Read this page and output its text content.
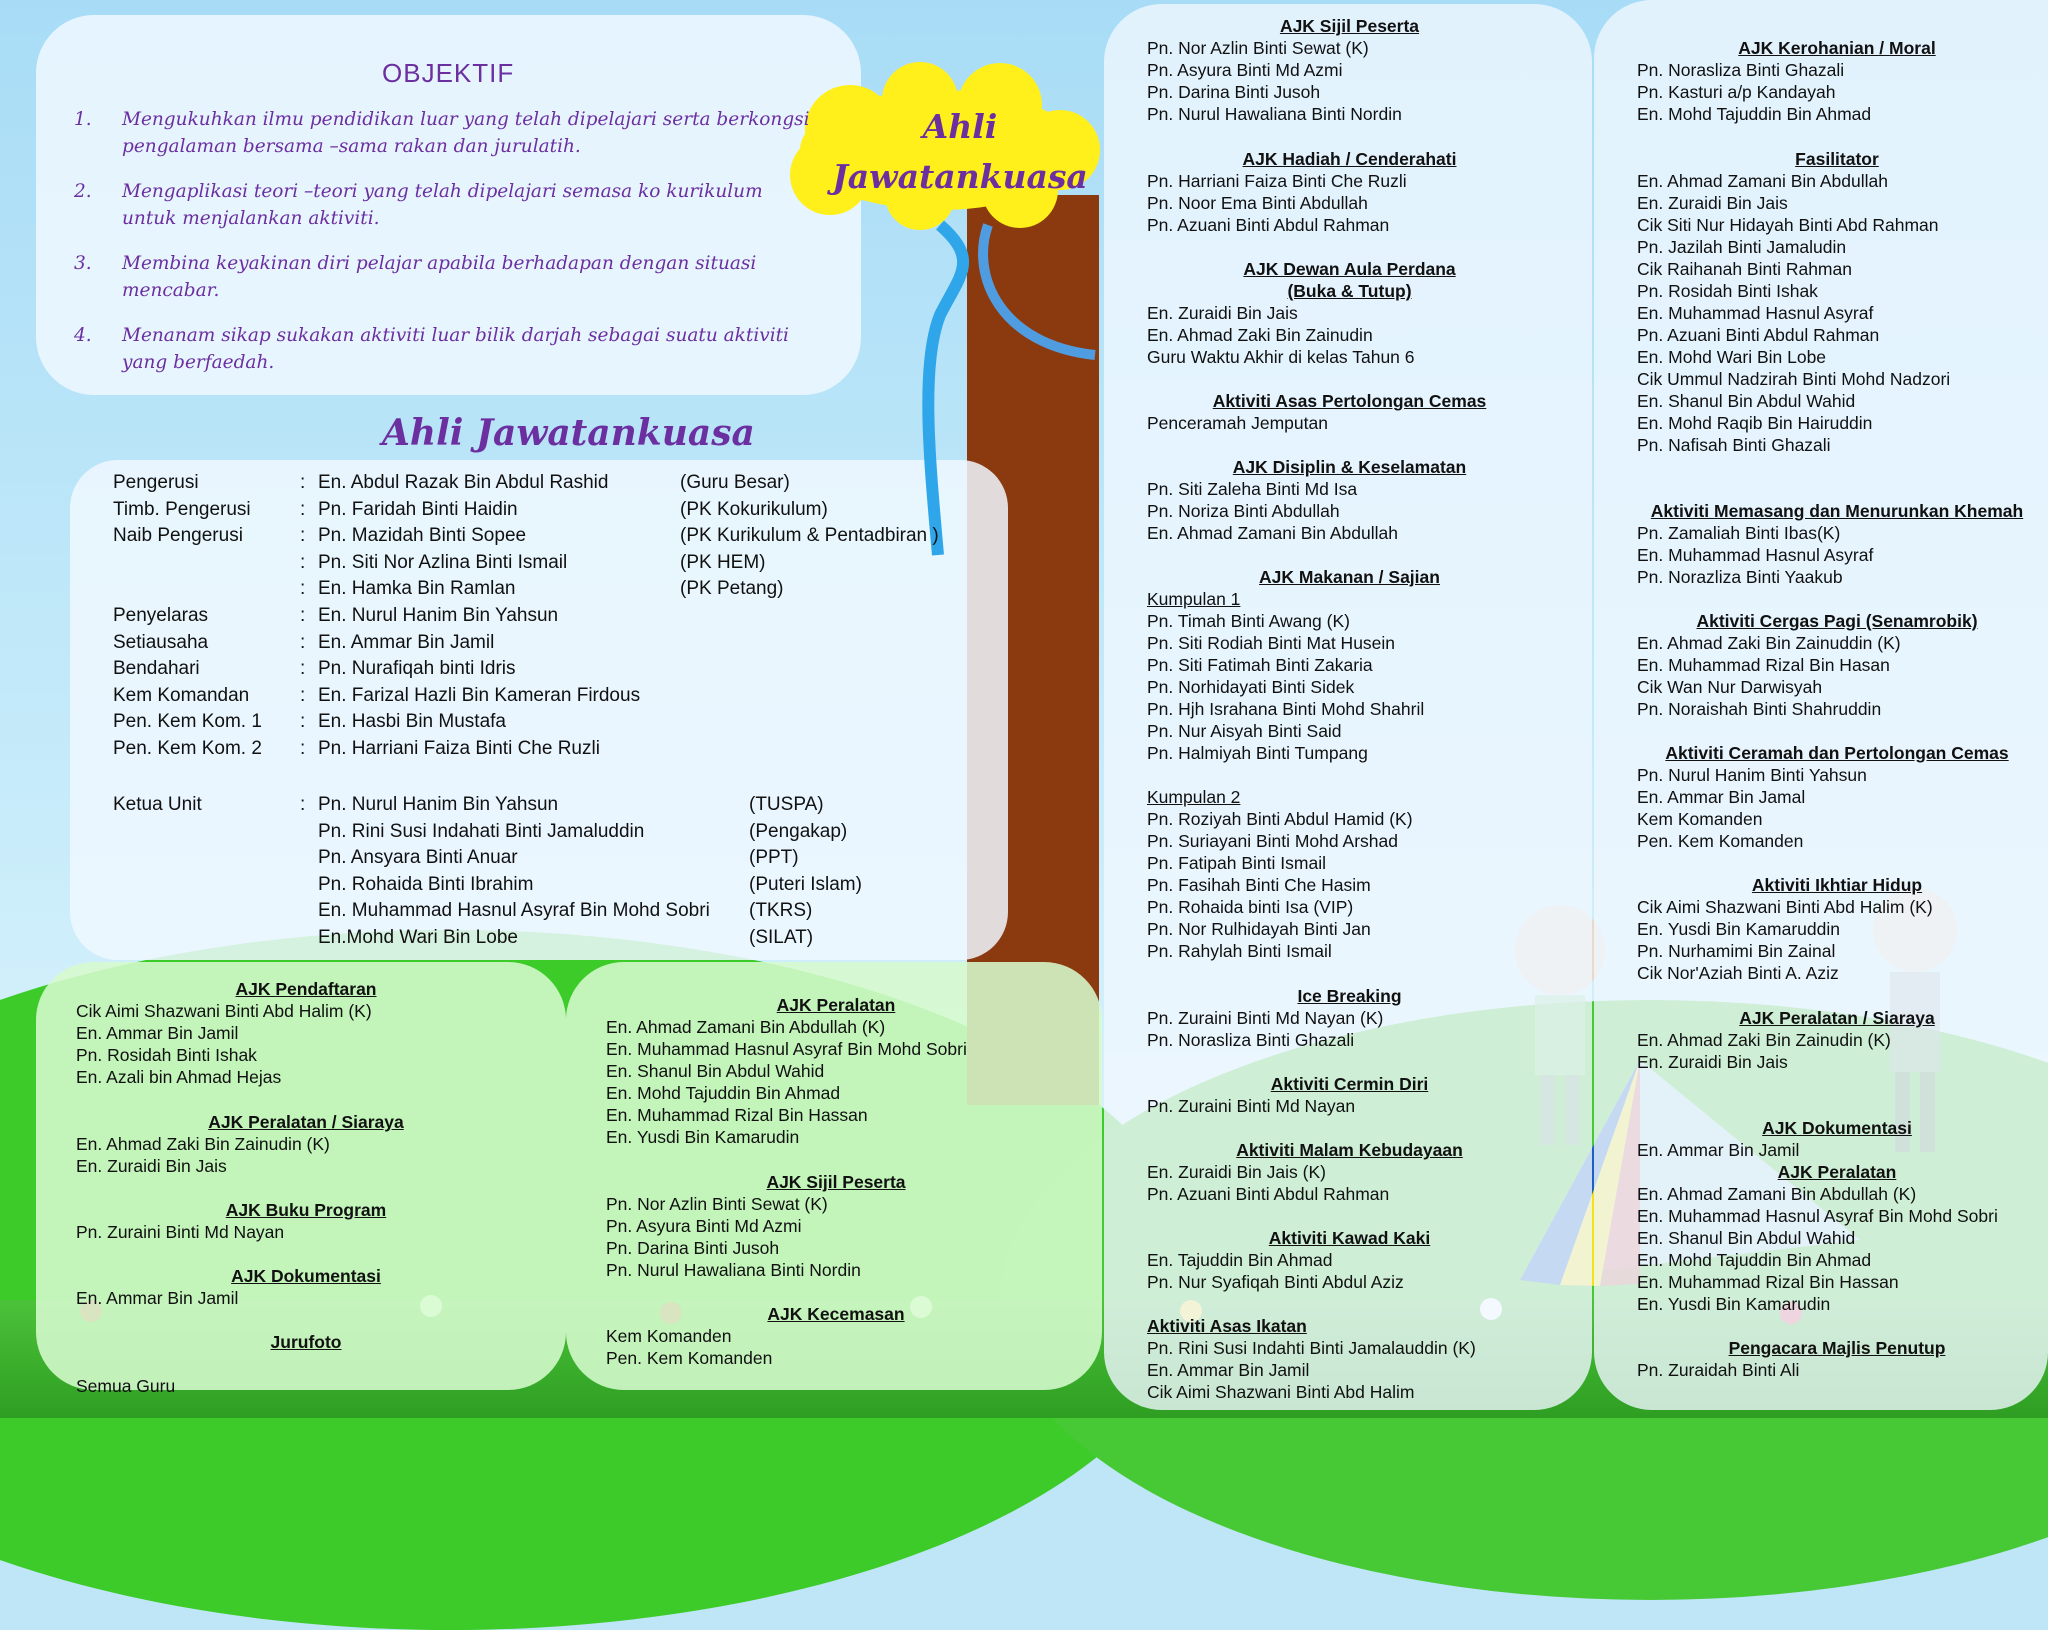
Ahli
Jawatankuasa
OBJEKTIF
1. Mengukuhkan ilmu pendidikan luar yang telah dipelajari serta berkongsi pengalaman bersama –sama rakan dan jurulatih.
2. Mengaplikasi teori –teori yang telah dipelajari semasa ko kurikulum untuk menjalankan aktiviti.
3. Membina keyakinan diri pelajar apabila berhadapan dengan situasi mencabar.
4. Menanam sikap sukakan aktiviti luar bilik darjah sebagai suatu aktiviti yang berfaedah.
Ahli Jawatankuasa
Pengerusi	: En. Abdul Razak Bin Abdul Rashid	(Guru Besar)
Timb. Pengerusi	: Pn. Faridah Binti Haidin	(PK Kokurikulum)
Naib Pengerusi	: Pn. Mazidah Binti Sopee	(PK Kurikulum & Pentadbiran )
: Pn. Siti Nor Azlina Binti Ismail	(PK HEM)
: En. Hamka Bin Ramlan	(PK Petang)
Penyelaras	: En. Nurul Hanim Bin Yahsun
Setiausaha	: En. Ammar Bin Jamil
Bendahari	: Pn. Nurafiqah binti Idris
Kem Komandan	: En. Farizal Hazli Bin Kameran Firdous
Pen. Kem Kom. 1 : En. Hasbi Bin Mustafa
Pen. Kem Kom. 2 : Pn. Harriani Faiza Binti Che Ruzli
Ketua Unit	: Pn. Nurul Hanim Bin Yahsun	(TUSPA)
Pn. Rini Susi Indahati Binti Jamaluddin	(Pengakap)
Pn. Ansyara Binti Anuar	(PPT)
Pn. Rohaida Binti Ibrahim	(Puteri Islam)
En. Muhammad Hasnul Asyraf Bin Mohd Sobri (TKRS)
En.Mohd Wari Bin Lobe	(SILAT)
AJK Pendaftaran
Cik Aimi Shazwani Binti Abd Halim (K)
En. Ammar Bin Jamil
Pn. Rosidah Binti Ishak
En. Azali bin Ahmad Hejas
AJK Peralatan / Siaraya
En. Ahmad Zaki Bin Zainudin (K)
En. Zuraidi Bin Jais
AJK Buku Program
Pn. Zuraini Binti Md Nayan
AJK Dokumentasi
En. Ammar Bin Jamil
Jurufoto

Semua Guru
AJK Peralatan
En. Ahmad Zamani Bin Abdullah (K)
En. Muhammad Hasnul Asyraf Bin Mohd Sobri
En. Shanul Bin Abdul Wahid
En. Mohd Tajuddin Bin Ahmad
En. Muhammad Rizal Bin Hassan
En. Yusdi Bin Kamarudin
AJK Sijil Peserta
Pn. Nor Azlin Binti Sewat (K)
Pn. Asyura Binti Md Azmi
Pn. Darina Binti Jusoh
Pn. Nurul Hawaliana Binti Nordin
AJK Kecemasan
Kem Komanden
Pen. Kem Komanden
AJK Sijil Peserta
Pn. Nor Azlin Binti Sewat (K)
Pn. Asyura Binti Md Azmi
Pn. Darina Binti Jusoh
Pn. Nurul Hawaliana Binti Nordin
AJK Hadiah / Cenderahati
Pn. Harriani Faiza Binti Che Ruzli
Pn. Noor Ema Binti Abdullah
Pn. Azuani Binti Abdul Rahman
AJK Dewan Aula Perdana
(Buka & Tutup)
En. Zuraidi Bin Jais
En. Ahmad Zaki Bin Zainudin
Guru Waktu Akhir di kelas Tahun 6
Aktiviti Asas Pertolongan Cemas
Penceramah Jemputan
AJK Disiplin & Keselamatan
Pn. Siti Zaleha Binti Md Isa
Pn. Noriza Binti Abdullah
En. Ahmad Zamani Bin Abdullah
AJK Makanan / Sajian
Kumpulan 1
Pn. Timah Binti Awang (K)
Pn. Siti Rodiah Binti Mat Husein
Pn. Siti Fatimah Binti Zakaria
Pn. Norhidayati Binti Sidek
Pn. Hjh Israhana Binti Mohd Shahril
Pn. Nur Aisyah Binti Said
Pn. Halmiyah Binti Tumpang
Kumpulan 2
Pn. Roziyah Binti Abdul Hamid (K)
Pn. Suriayani Binti Mohd Arshad
Pn. Fatipah Binti Ismail
Pn. Fasihah Binti Che Hasim
Pn. Rohaida binti Isa (VIP)
Pn. Nor Rulhidayah Binti Jan
Pn. Rahylah Binti Ismail
Ice Breaking
Pn. Zuraini Binti Md Nayan (K)
Pn. Norasliza Binti Ghazali
Aktiviti Cermin Diri
Pn. Zuraini Binti Md Nayan
Aktiviti Malam Kebudayaan
En. Zuraidi Bin Jais (K)
Pn. Azuani Binti Abdul Rahman
Aktiviti Kawad Kaki
En. Tajuddin Bin Ahmad
Pn. Nur Syafiqah Binti Abdul Aziz
Aktiviti Asas Ikatan
Pn. Rini Susi Indahti Binti Jamalauddin (K)
En. Ammar Bin Jamil
Cik Aimi Shazwani Binti Abd Halim
AJK Kerohanian / Moral
Pn. Norasliza Binti Ghazali
Pn. Kasturi a/p Kandayah
En. Mohd Tajuddin Bin Ahmad
Fasilitator
En. Ahmad Zamani Bin Abdullah
En. Zuraidi Bin Jais
Cik Siti Nur Hidayah Binti Abd Rahman
Pn. Jazilah Binti Jamaludin
Cik Raihanah Binti Rahman
Pn. Rosidah Binti Ishak
En. Muhammad Hasnul Asyraf
Pn. Azuani Binti Abdul Rahman
En. Mohd Wari Bin Lobe
Cik Ummul Nadzirah Binti Mohd Nadzori
En. Shanul Bin Abdul Wahid
En. Mohd Raqib Bin Hairuddin
Pn. Nafisah Binti Ghazali
Aktiviti Memasang dan Menurunkan Khemah
Pn. Zamaliah Binti Ibas(K)
En. Muhammad Hasnul Asyraf
Pn. Norazliza Binti Yaakub
Aktiviti Cergas Pagi (Senamrobik)
En. Ahmad Zaki Bin Zainuddin (K)
En. Muhammad Rizal Bin Hasan
Cik Wan Nur Darwisyah
Pn. Noraishah Binti Shahruddin
Aktiviti Ceramah dan Pertolongan Cemas
Pn. Nurul Hanim Binti Yahsun
En. Ammar Bin Jamal
Kem Komanden
Pen. Kem Komanden
Aktiviti Ikhtiar Hidup
Cik Aimi Shazwani Binti Abd Halim (K)
En. Yusdi Bin Kamaruddin
Pn. Nurhamimi Bin Zainal
Cik Nor'Aziah Binti A. Aziz
AJK Peralatan / Siaraya
En. Ahmad Zaki Bin Zainudin (K)
En. Zuraidi Bin Jais
AJK Dokumentasi
En. Ammar Bin Jamil
AJK Peralatan
En. Ahmad Zamani Bin Abdullah (K)
En. Muhammad Hasnul Asyraf Bin Mohd Sobri
En. Shanul Bin Abdul Wahid
En. Mohd Tajuddin Bin Ahmad
En. Muhammad Rizal Bin Hassan
En. Yusdi Bin Kamarudin
Pengacara Majlis Penutup
Pn. Zuraidah Binti Ali
